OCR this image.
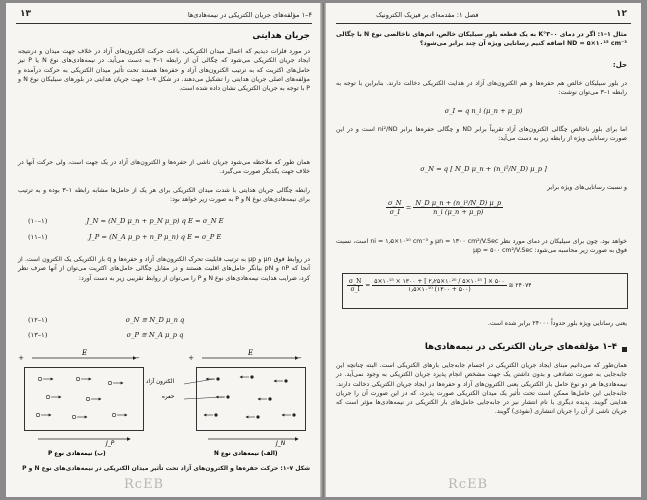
۱۳	۴–۱ مؤلفه‌های جریان الکتریکی در نیمه‌هادی‌ها
جریان هدایتی
در مورد فلزات دیدیم که اعمال میدان الکتریکی، باعث حرکت الکترون‌های آزاد در خلاف جهت میدان و درنتیجه ایجاد جریان الکتریکی می‌شود که چگالی آن از رابطه ۱–۳ به دست می‌آید. در نیمه‌هادی‌های نوع N یا P نیز حامل‌های اکثریت که به ترتیب الکترون‌های آزاد و حفره‌ها هستند تحت تأثیر میدان الکتریکی به حرکت درآمده و مؤلفه‌های اصلی جریان هدایتی را تشکیل می‌دهند. در شکل ۷–۱ جهت جریان هدایتی در بلورهای سیلیکان نوع N و P با توجه به جریان الکتریکی نشان داده شده است.
همان طور که ملاحظه می‌شود جریان ناشی از حفره‌ها و الکترون‌های آزاد در یک جهت است، ولی حرکت آنها در خلاف جهت یکدیگر صورت می‌گیرد.
رابطه چگالی جریان هدایتی با شدت میدان الکتریکی برای هر یک از حامل‌ها مشابه رابطه ۱–۳ بوده و به ترتیب برای نیمه‌هادی‌های نوع N و P به صورت زیر خواهد بود:
(۱۰–۱)	J_N = (N_D μ_n + p_N μ_p) q E = σ_N E
(۱۱–۱)	J_P = (N_A μ_p + n_P μ_n) q E = σ_P E
در روابط فوق μn و μp به ترتیب قابلیت تحرک الکترون‌های آزاد و حفره‌ها و q بار الکتریکی یک الکترون است. از آنجا که nP و pN بیانگر حامل‌های اقلیت هستند و در مقابل چگالی حامل‌های اکثریت می‌توان از آنها صرف نظر کرد، ضرایب هدایت نیمه‌هادی‌های نوع N و P را می‌توان از روابط تقریبی زیر به دست آورد:
(۱۲–۱)	σ_N ≅ N_D μ_n q
(۱۳–۱)	σ_P ≅ N_A μ_p q
+	−	+	−
E	E
الکترون آزاد
حفره
J_P	J_N
(ب) نیمه‌هادی نوع P	(الف) نیمه‌هادی نوع N
شکل ۷–۱: حرکت حفره‌ها و الکترون‌های آزاد تحت تأثیر میدان الکتریکی در نیمه‌هادی‌های نوع N و P
RcEB
۱۲
فصل ۱: مقدمه‌ای بر فیزیک الکترونیک
مثال ۱–۱: اگر در دمای ۳۰۰°K به یک قطعه بلور سیلیکان خالص، اتم‌های ناخالصی نوع N با چگالی ND = ۵×۱۰¹⁵ cm⁻³ اضافه کنیم رسانایی ویژه آن چند برابر می‌شود؟
حل:
در بلور سیلیکان خالص هم حفره‌ها و هم الکترون‌های آزاد در هدایت الکتریکی دخالت دارند. بنابراین با توجه به رابطه ۱–۳ می‌توان نوشت:
σ_I = q n_i (μ_n + μ_p)
اما برای بلور ناخالص چگالی الکترون‌های آزاد تقریباً برابر ND و چگالی حفره‌ها برابر ni²/ND است و در این صورت رسانایی ویژه از رابطه زیر به دست می‌آید:
σ_N = q [ N_D μ_n + (n_i²/N_D) μ_p ]
و نسبت رسانایی‌های ویژه برابر
$\frac{\sigma\_N}{\sigma\_I} = \frac{\text{N\_D μ\_n + (n\_i²/N\_D) μ\_p}}{n\_i (\mu\_n + \mu\_p)}$
خواهد بود. چون برای سیلیکان در دمای مورد نظر μn = ۱۳۰۰ cm²/V.Sec و ni = ۱٫۵×۱۰¹⁰ cm⁻³ است، نسبت فوق به صورت زیر محاسبه می‌شود: μp = ۵۰۰ cm²/V.Sec
$\frac{\sigma\_N}{\sigma\_I} = \frac{\text{۵×۱۰¹⁵ × ۱۳۰۰ + [ ۲٫۲۵×۱۰²⁰ / ۵×۱۰¹⁵ ] × ۵۰۰}}{\text{۱٫۵×۱۰¹⁰ (۱۳۰۰ + ۵۰۰)}}$ ≅ ۲۴۰۷۴
یعنی رسانایی ویژه بلور حدوداً ۲۴۰۰۰ برابر شده است.
۴–۱ مؤلفه‌های جریان الکتریکی در نیمه‌هادی‌ها
همان‌طور که می‌دانیم مبنای ایجاد جریان الکتریکی در اجسام جابه‌جایی بارهای الکتریکی است. البته چنانچه این جابه‌جایی به صورت تصادفی و بدون داشتن یک جهت مشخص انجام پذیرد جریان الکتریکی به وجود نمی‌آید. در نیمه‌هادی‌ها هر دو نوع حامل بار الکتریکی یعنی الکترون‌های آزاد و حفره‌ها در ایجاد جریان الکتریکی دخالت دارند. جابه‌جایی این حامل‌ها ممکن است تحت تأثیر یک میدان الکتریکی صورت پذیرد، که در این صورت آن را جریان هدایتی گویند. پدیده دیگری با نام انتشار نیز در جابه‌جایی حامل‌های بار الکتریکی در نیمه‌هادی‌ها مؤثر است که جریان ناشی از آن را جریان انتشاری (نفوذی) گویند.
RcEB
